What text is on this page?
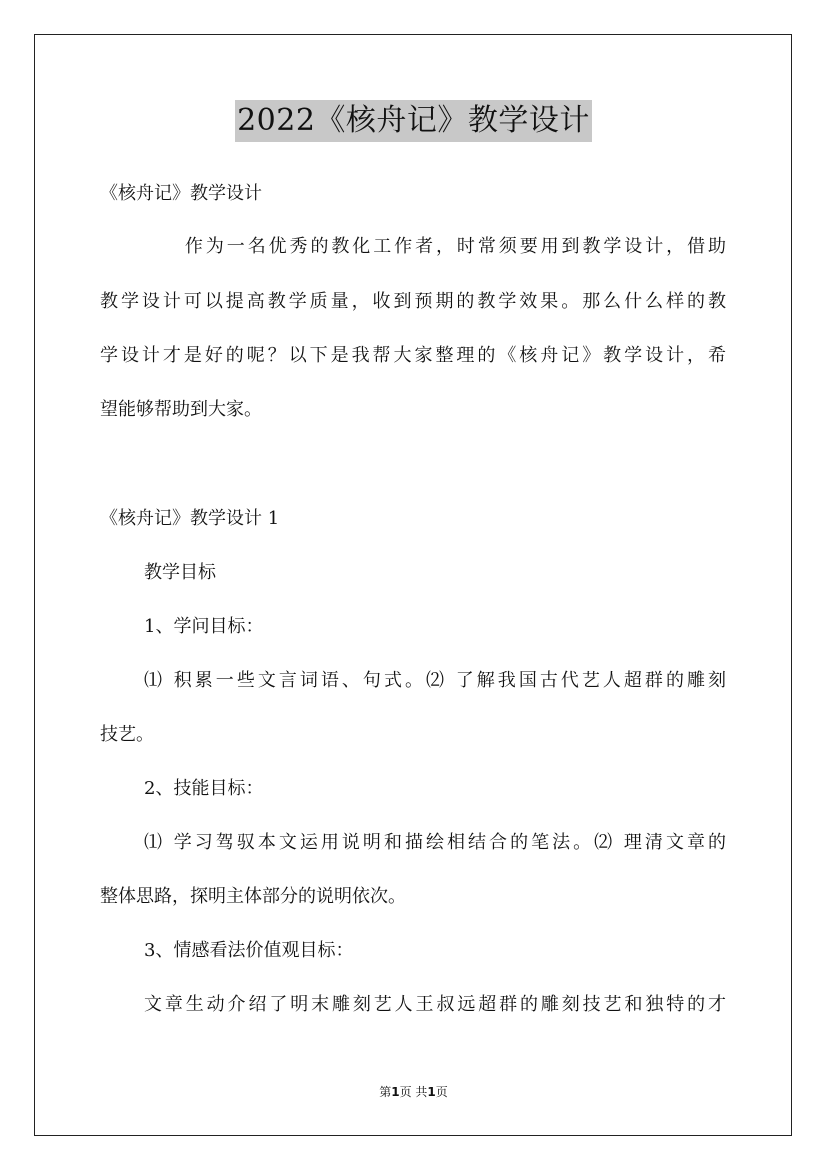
2022《核舟记》教学设计
《核舟记》教学设计
作为一名优秀的教化工作者，时常须要用到教学设计，借助
教学设计可以提高教学质量，收到预期的教学效果。那么什么样的教
学设计才是好的呢？以下是我帮大家整理的《核舟记》教学设计，希
望能够帮助到大家。
《核舟记》教学设计 1
教学目标
1、学问目标：
⑴ 积累一些文言词语、句式。⑵ 了解我国古代艺人超群的雕刻
技艺。
2、技能目标：
⑴ 学习驾驭本文运用说明和描绘相结合的笔法。⑵ 理清文章的
整体思路，探明主体部分的说明依次。
3、情感看法价值观目标：
文章生动介绍了明末雕刻艺人王叔远超群的雕刻技艺和独特的才
第1页 共1页
